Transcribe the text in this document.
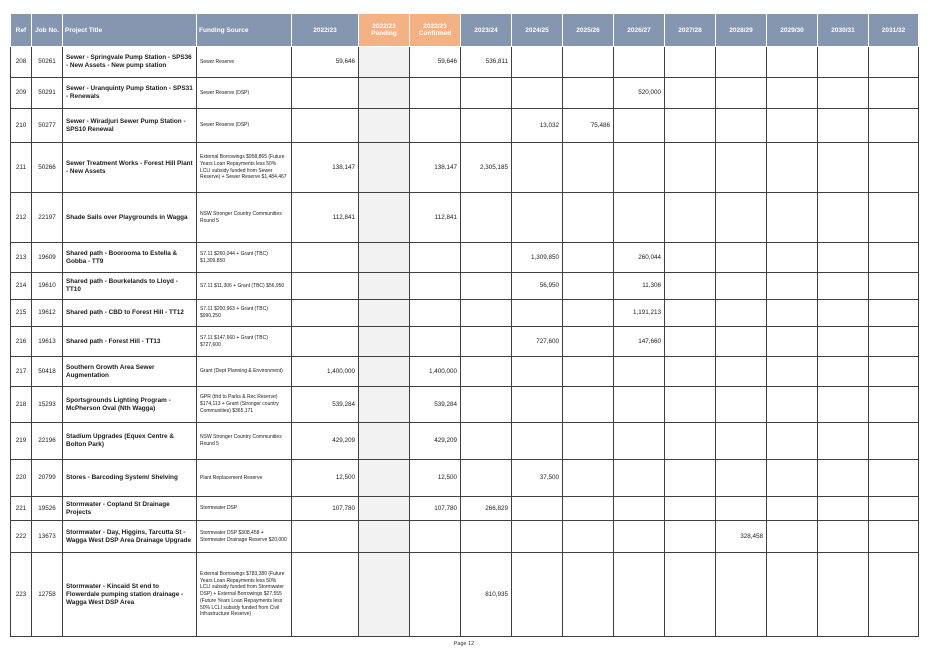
Ref	Job No.	Project Title	Funding Source	2022/23	2022/23 Pending	2022/23 Confirmed	2023/24	2024/25	2025/26	2026/27	2027/28	2028/29	2029/30	2030/31	2031/32
208	50261	Sewer - Springvale Pump Station - SPS36 - New Assets - New pump station	Sewer Reserve	59,646		59,646	536,811								
209	50291	Sewer - Uranquinty Pump Station - SPS31 - Renewals	Sewer Reserve (DSP)							520,000					
210	50277	Sewer - Wiradjuri Sewer Pump Station - SPS10 Renewal	Sewer Reserve (DSP)					13,032	75,486						
211	50266	Sewer Treatment Works - Forest Hill Plant - New Assets	External Borrowings $958,865 (Future Years Loan Repayments less 50% LCLI subsidy funded from Sewer Reserve) + Sewer Reserve $1,484,467	138,147		138,147	2,305,185								
212	22197	Shade Sails over Playgrounds in Wagga	NSW Stronger Country Communities Round 5	112,841		112,841									
213	19609	Shared path - Boorooma to Estella & Gobba - TT9	S7.11 $260,044 + Grant (TBC) $1,309,850					1,309,850		260,044					
214	19610	Shared path - Bourkelands to Lloyd - TT10	S7.11 $11,306 + Grant (TBC) $56,950					56,950		11,306					
215	19612	Shared path - CBD to Forest Hill - TT12	S7.11 $200,963 + Grant (TBC) $990,250							1,191,213					
216	19613	Shared path - Forest Hill - TT13	S7.11 $147,660 + Grant (TBC) $727,600					727,600		147,660					
217	50418	Southern Growth Area Sewer Augmentation	Grant (Dept Planning & Environment)	1,400,000		1,400,000									
218	15293	Sportsgrounds Lighting Program - McPherson Oval (Nth Wagga)	GPR (tfrd to Parks & Rec Reserve) $174,113 + Grant (Stronger country Communities) $365,171	539,284		539,284									
219	22196	Stadium Upgrades (Equex Centre & Bolton Park)	NSW Stronger Country Communities Round 5	429,209		429,209									
220	20799	Stores - Barcoding System/ Shelving	Plant Replacement Reserve	12,500		12,500		37,500							
221	19526	Stormwater - Copland St Drainage Projects	Stormwater DSP	107,780		107,780	266,829								
222	13673	Stormwater - Day, Higgins, Tarcutta St - Wagga West DSP Area Drainage Upgrade	Stormwater DSP $308,458 + Stormwater Drainage Reserve $20,000									328,458			
223	12758	Stormwater - Kincaid St end to Flowerdale pumping station drainage - Wagga West DSP Area	External Borrowings $783,380 (Future Years Loan Repayments less 50% LCLI subsidy funded from Stormwater DSP) + External Borrowings $27,555 (Future Years Loan Repayments less 50% LCLI subsidy funded from Civil Infrastructure Reserve)				810,935								
Page 12
